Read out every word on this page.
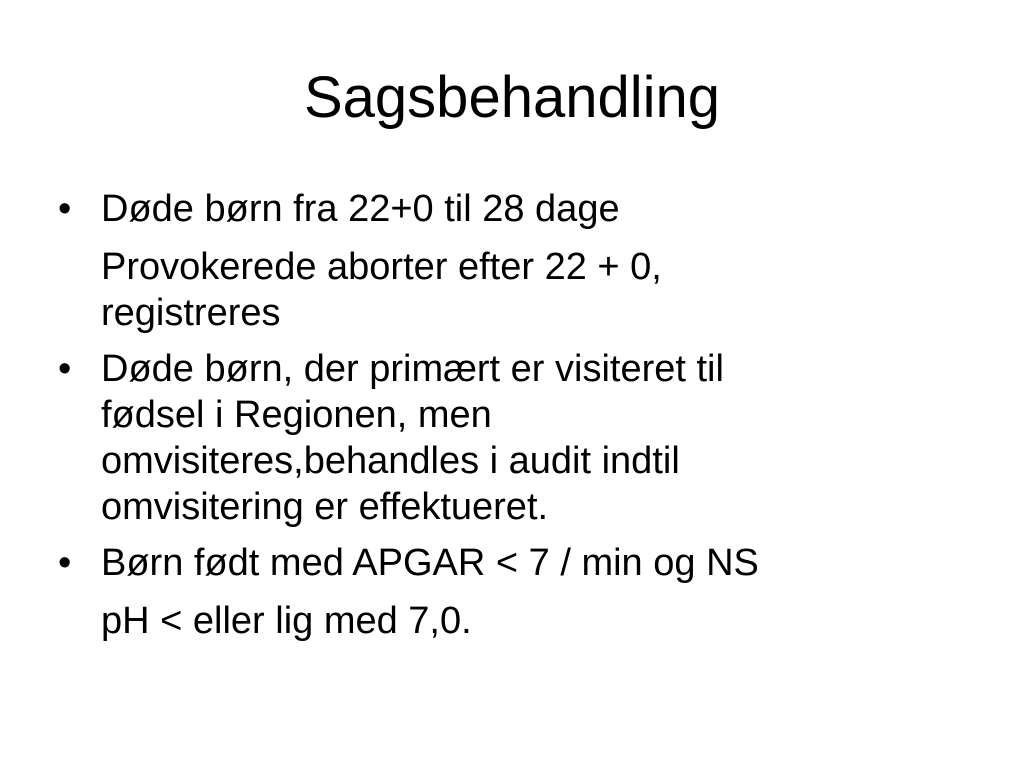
Sagsbehandling
• Døde børn fra 22+0 til 28 dage
Provokerede aborter efter 22 + 0,
registreres
• Døde børn, der primært er visiteret til
fødsel i Regionen, men
omvisiteres,behandles i audit indtil
omvisitering er effektueret.
• Børn født med APGAR < 7 / min og NS
pH < eller lig med 7,0.
